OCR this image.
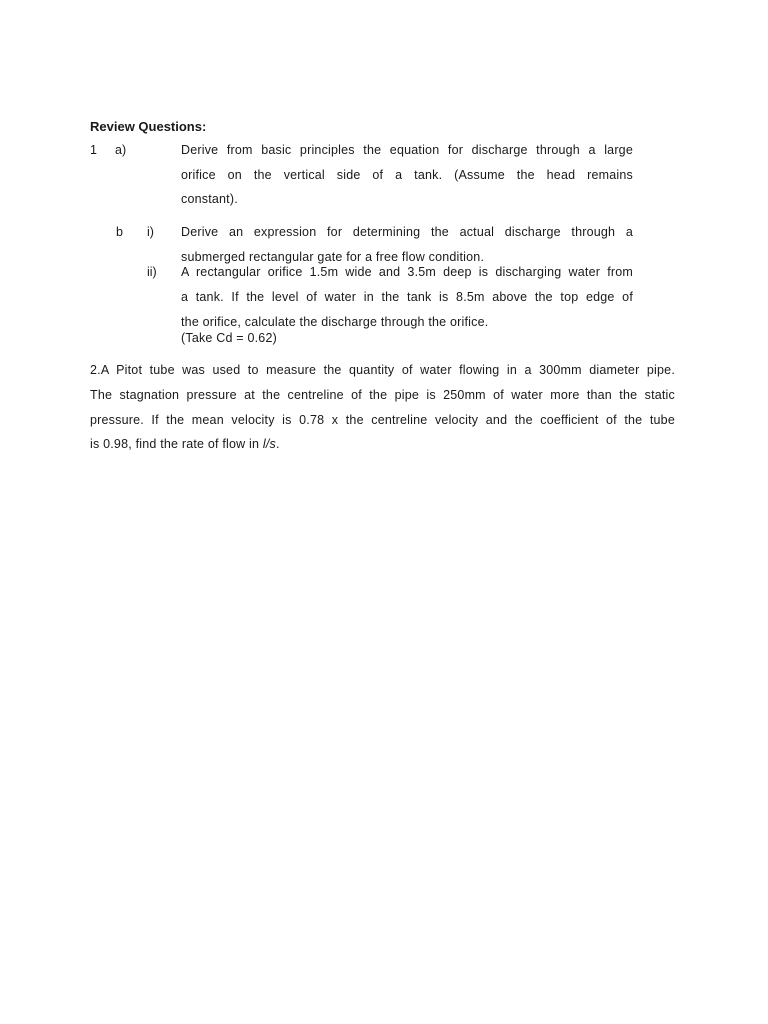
Review Questions:
1 a)	Derive from basic principles the equation for discharge through a large
orifice on the vertical side of a tank. (Assume the head remains
constant).
b i) Derive an expression for determining the actual discharge through a
submerged rectangular gate for a free flow condition.
ii) A rectangular orifice 1.5m wide and 3.5m deep is discharging water from
a tank. If the level of water in the tank is 8.5m above the top edge of
the orifice, calculate the discharge through the orifice.
(Take Cd = 0.62)
2.A Pitot tube was used to measure the quantity of water flowing in a 300mm diameter pipe.
The stagnation pressure at the centreline of the pipe is 250mm of water more than the static
pressure. If the mean velocity is 0.78 x the centreline velocity and the coefficient of the tube
is 0.98, find the rate of flow in l/s.
